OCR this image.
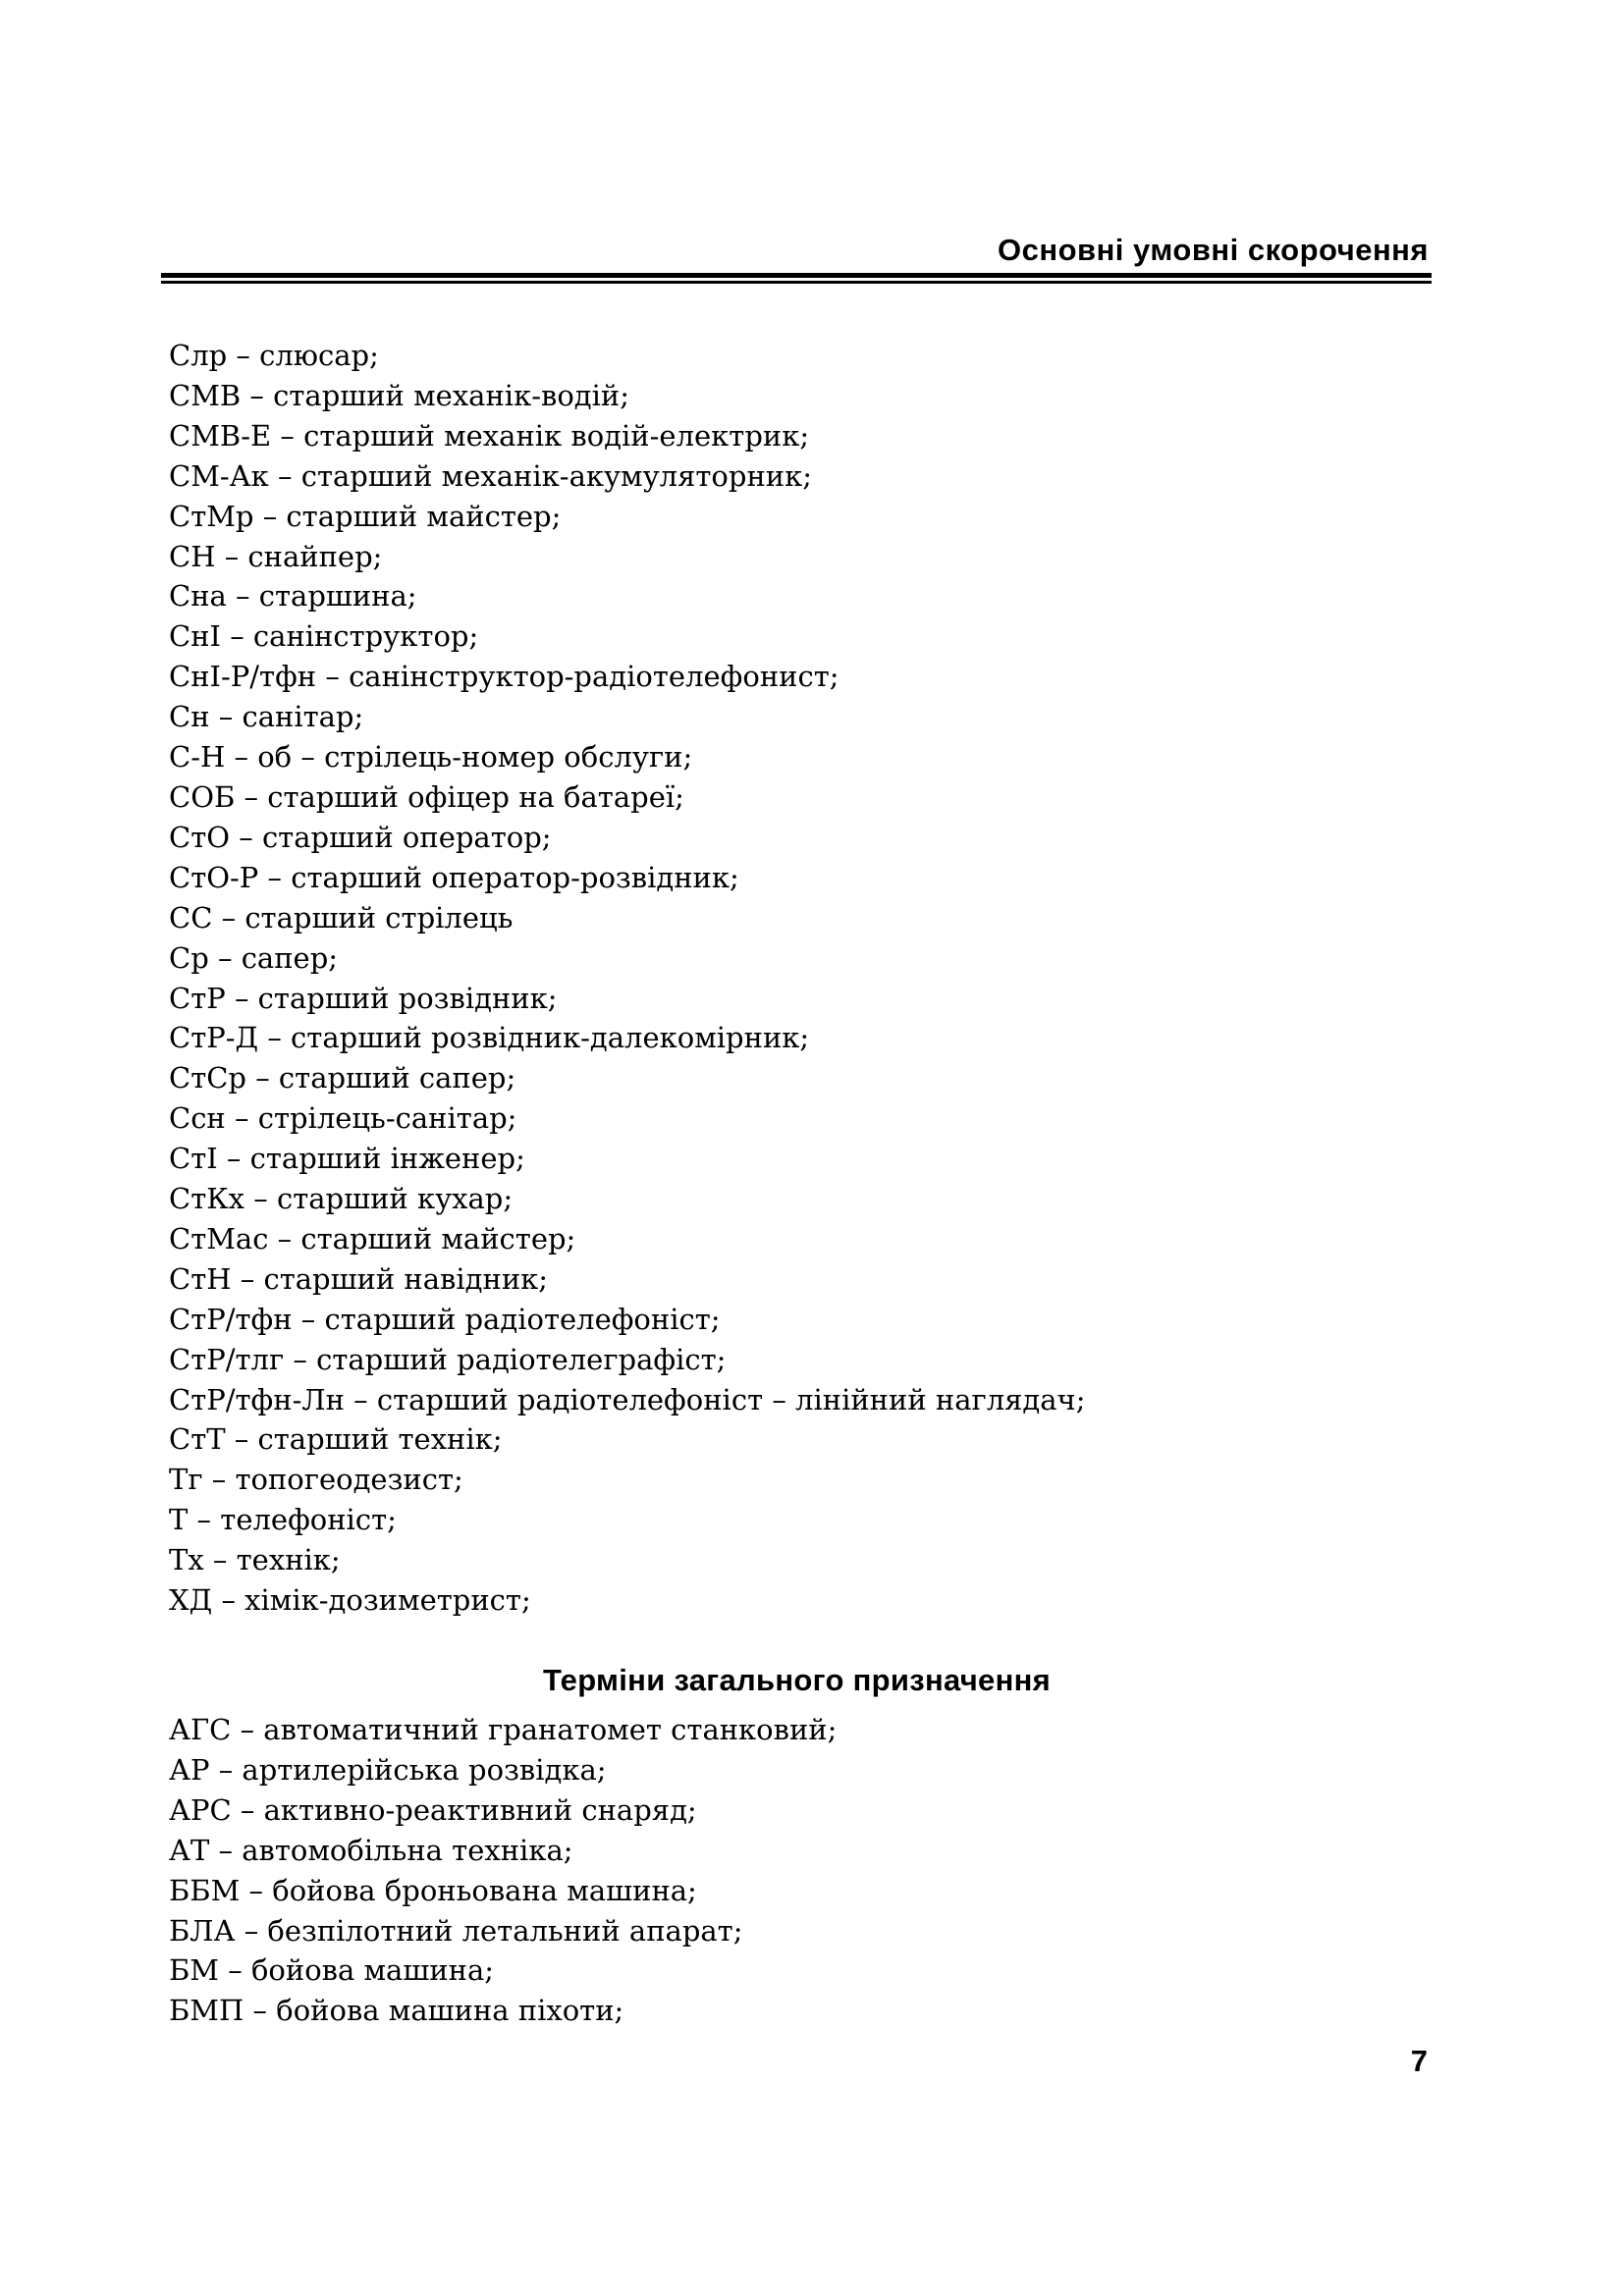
Основні умовні скорочення
Слр – слюсар;
СМВ – старший механік-водій;
СМВ-Е – старший механік водій-електрик;
СМ-Ак – старший механік-акумуляторник;
СтМр – старший майстер;
СН – снайпер;
Сна – старшина;
СнІ – санінструктор;
СнІ-Р/тфн – санінструктор-радіотелефонист;
Сн – санітар;
С-Н – об – стрілець-номер обслуги;
СОБ – старший офіцер на батареї;
СтО – старший оператор;
СтО-Р – старший оператор-розвідник;
СС – старший стрілець
Ср – сапер;
СтР – старший розвідник;
СтР-Д – старший розвідник-далекомірник;
СтСр – старший сапер;
Ссн – стрілець-санітар;
СтІ – старший інженер;
СтКх – старший кухар;
СтМас – старший майстер;
СтН – старший навідник;
СтР/тфн – старший радіотелефоніст;
СтР/тлг – старший радіотелеграфіст;
СтР/тфн-Лн – старший радіотелефоніст – лінійний наглядач;
СтТ – старший технік;
Тг – топогеодезист;
Т – телефоніст;
Тх – технік;
ХД – хімік-дозиметрист;
Терміни загального призначення
АГС – автоматичний гранатомет станковий;
АР – артилерійська розвідка;
АРС – активно-реактивний снаряд;
АТ – автомобільна техніка;
ББМ – бойова броньована машина;
БЛА – безпілотний летальний апарат;
БМ – бойова машина;
БМП – бойова машина піхоти;
7
